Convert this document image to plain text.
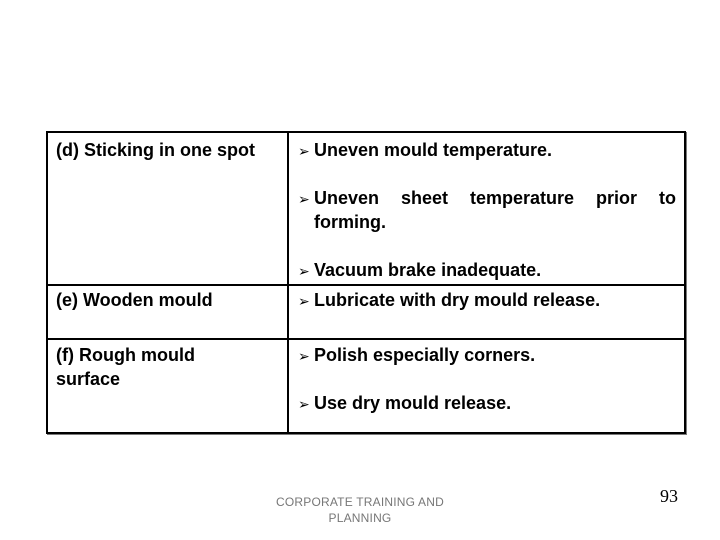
(d) Sticking in one spot	➢ Uneven mould temperature.
➢ Uneven sheet temperature prior to
forming.
➢ Vacuum brake inadequate.
(e) Wooden mould	➢ Lubricate with dry mould release.
(f) Rough mould
surface
➢ Polish especially corners.
➢ Use dry mould release.
CORPORATE TRAINING AND
PLANNING
93
